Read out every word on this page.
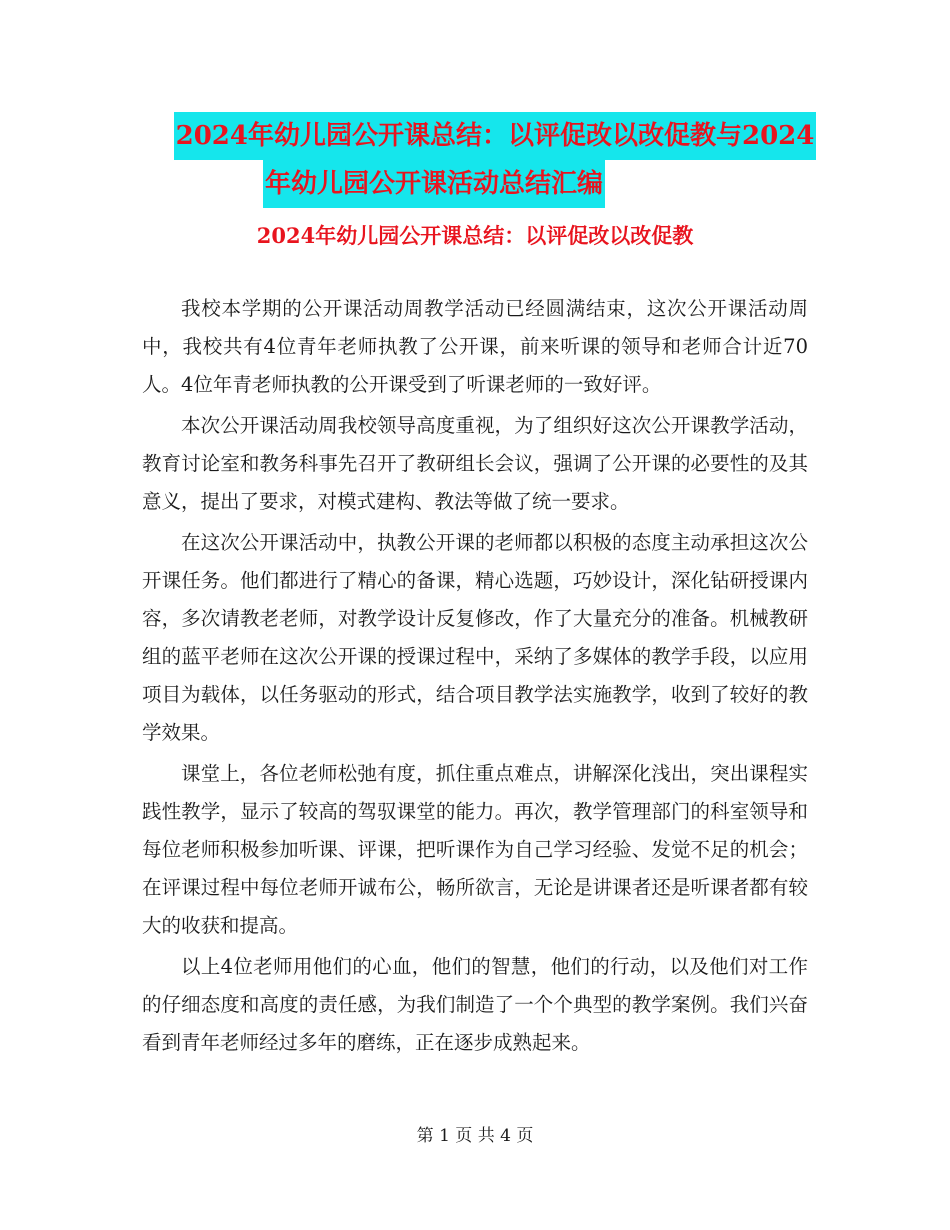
2024年幼儿园公开课总结：以评促改以改促教与2024
年幼儿园公开课活动总结汇编
2024年幼儿园公开课总结：以评促改以改促教

我校本学期的公开课活动周教学活动已经圆满结束，这次公开课活动周中，我校共有4位青年老师执教了公开课，前来听课的领导和老师合计近70人。4位年青老师执教的公开课受到了听课老师的一致好评。

本次公开课活动周我校领导高度重视，为了组织好这次公开课教学活动，教育讨论室和教务科事先召开了教研组长会议，强调了公开课的必要性的及其意义，提出了要求，对模式建构、教法等做了统一要求。

在这次公开课活动中，执教公开课的老师都以积极的态度主动承担这次公开课任务。他们都进行了精心的备课，精心选题，巧妙设计，深化钻研授课内容，多次请教老老师，对教学设计反复修改，作了大量充分的准备。机械教研组的蓝平老师在这次公开课的授课过程中，采纳了多媒体的教学手段，以应用项目为载体，以任务驱动的形式，结合项目教学法实施教学，收到了较好的教学效果。

课堂上，各位老师松弛有度，抓住重点难点，讲解深化浅出，突出课程实践性教学，显示了较高的驾驭课堂的能力。再次，教学管理部门的科室领导和每位老师积极参加听课、评课，把听课作为自己学习经验、发觉不足的机会；在评课过程中每位老师开诚布公，畅所欲言，无论是讲课者还是听课者都有较大的收获和提高。

以上4位老师用他们的心血，他们的智慧，他们的行动，以及他们对工作的仔细态度和高度的责任感，为我们制造了一个个典型的教学案例。我们兴奋看到青年老师经过多年的磨练，正在逐步成熟起来。

第 1 页 共 4 页
